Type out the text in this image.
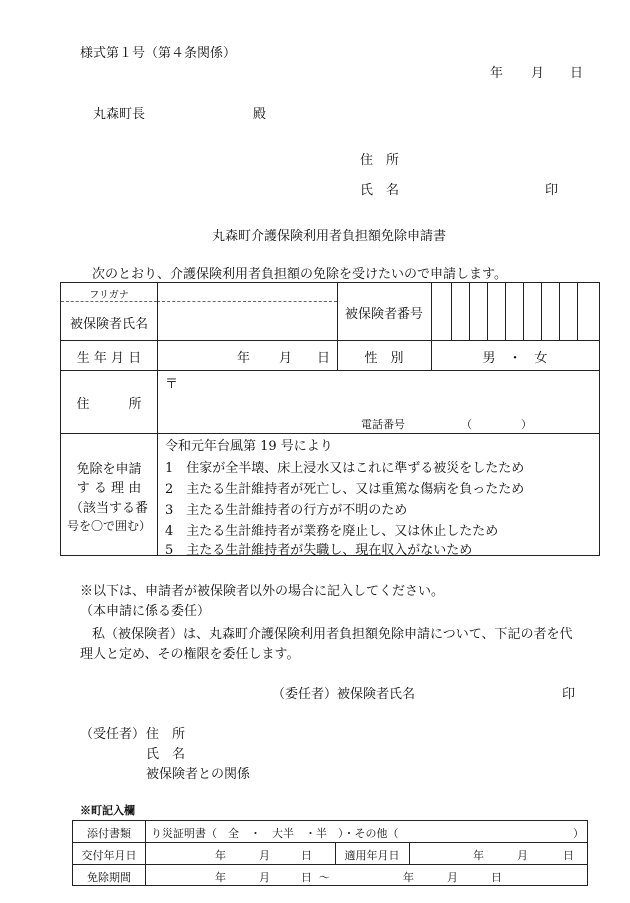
様式第１号（第４条関係）
年 月 日
丸森町長	殿
住　所
氏　名	印
丸森町介護保険利用者負担額免除申請書
次のとおり、介護保険利用者負担額の免除を受けたいので申請します。
フリガナ
被保険者氏名
被保険者番号
生 年 月 日	年 月 日	性　別	男　・　女
住　　　所
〒
電話番号	（	）
免除を申請
す る 理 由
（該当する番
号を〇で囲む）
令和元年台風第 19 号により
1　住家が全半壊、床上浸水又はこれに準ずる被災をしたため
2　主たる生計維持者が死亡し、又は重篤な傷病を負ったため
3　主たる生計維持者の行方が不明のため
4　主たる生計維持者が業務を廃止し、又は休止したため
5　主たる生計維持者が失職し、現在収入がないため
※以下は、申請者が被保険者以外の場合に記入してください。
（本申請に係る委任）
私（被保険者）は、丸森町介護保険利用者負担額免除申請について、下記の者を代
理人と定め、その権限を委任します。
（委任者）被保険者氏名	印
（受任者） 住　所
氏　名
被保険者との関係
※町記入欄
添付書類	り災証明書（　全　・　大半　・半　）・その他（	）
交付年月日	年	月	日	適用年月日	年	月	日
免除期間	年	月	日 〜	年	月	日
